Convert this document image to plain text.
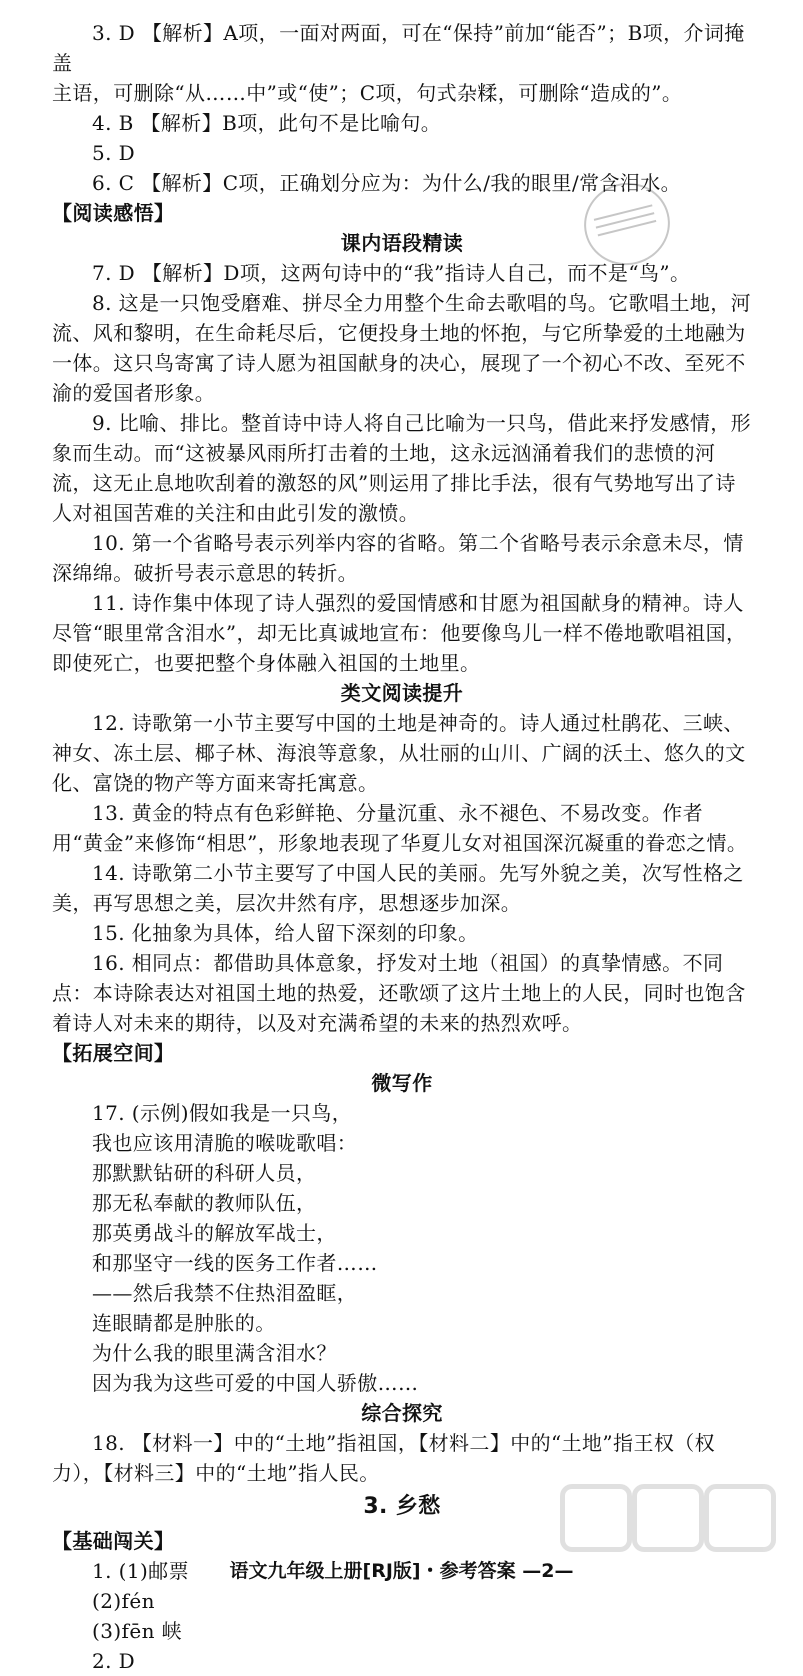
3. D 【解析】A项，一面对两面，可在“保持”前加“能否”；B项，介词掩盖

主语，可删除“从……中”或“使”；C项，句式杂糅，可删除“造成的”。

4. B 【解析】B项，此句不是比喻句。

5. D

6. C 【解析】C项，正确划分应为：为什么/我的眼里/常含泪水。

【阅读感悟】

课内语段精读

7. D 【解析】D项，这两句诗中的“我”指诗人自己，而不是“鸟”。

8. 这是一只饱受磨难、拼尽全力用整个生命去歌唱的鸟。它歌唱土地，河流、风和黎明，在生命耗尽后，它便投身土地的怀抱，与它所挚爱的土地融为一体。这只鸟寄寓了诗人愿为祖国献身的决心，展现了一个初心不改、至死不渝的爱国者形象。

9. 比喻、排比。整首诗中诗人将自己比喻为一只鸟，借此来抒发感情，形象而生动。而“这被暴风雨所打击着的土地，这永远汹涌着我们的悲愤的河流，这无止息地吹刮着的激怒的风”则运用了排比手法，很有气势地写出了诗人对祖国苦难的关注和由此引发的激愤。

10. 第一个省略号表示列举内容的省略。第二个省略号表示余意未尽，情深绵绵。破折号表示意思的转折。

11. 诗作集中体现了诗人强烈的爱国情感和甘愿为祖国献身的精神。诗人尽管“眼里常含泪水”，却无比真诚地宣布：他要像鸟儿一样不倦地歌唱祖国，即使死亡，也要把整个身体融入祖国的土地里。

类文阅读提升

12. 诗歌第一小节主要写中国的土地是神奇的。诗人通过杜鹃花、三峡、神女、冻土层、椰子林、海浪等意象，从壮丽的山川、广阔的沃土、悠久的文化、富饶的物产等方面来寄托寓意。

13. 黄金的特点有色彩鲜艳、分量沉重、永不褪色、不易改变。作者用“黄金”来修饰“相思”，形象地表现了华夏儿女对祖国深沉凝重的眷恋之情。

14. 诗歌第二小节主要写了中国人民的美丽。先写外貌之美，次写性格之美，再写思想之美，层次井然有序，思想逐步加深。

15. 化抽象为具体，给人留下深刻的印象。

16. 相同点：都借助具体意象，抒发对土地（祖国）的真挚情感。不同点：本诗除表达对祖国土地的热爱，还歌颂了这片土地上的人民，同时也饱含着诗人对未来的期待，以及对充满希望的未来的热烈欢呼。

【拓展空间】

微写作

17. (示例)假如我是一只鸟，

我也应该用清脆的喉咙歌唱：

那默默钻研的科研人员，

那无私奉献的教师队伍，

那英勇战斗的解放军战士，

和那坚守一线的医务工作者……

——然后我禁不住热泪盈眶，

连眼睛都是肿胀的。

为什么我的眼里满含泪水？

因为我为这些可爱的中国人骄傲……

综合探究

18. 【材料一】中的“土地”指祖国，【材料二】中的“土地”指王权（权力），【材料三】中的“土地”指人民。

3. 乡愁

【基础闯关】

1. (1)邮票

(2)fén

(3)fēn 峡

2. D

语文九年级上册[RJ版]・参考答案 —2—
